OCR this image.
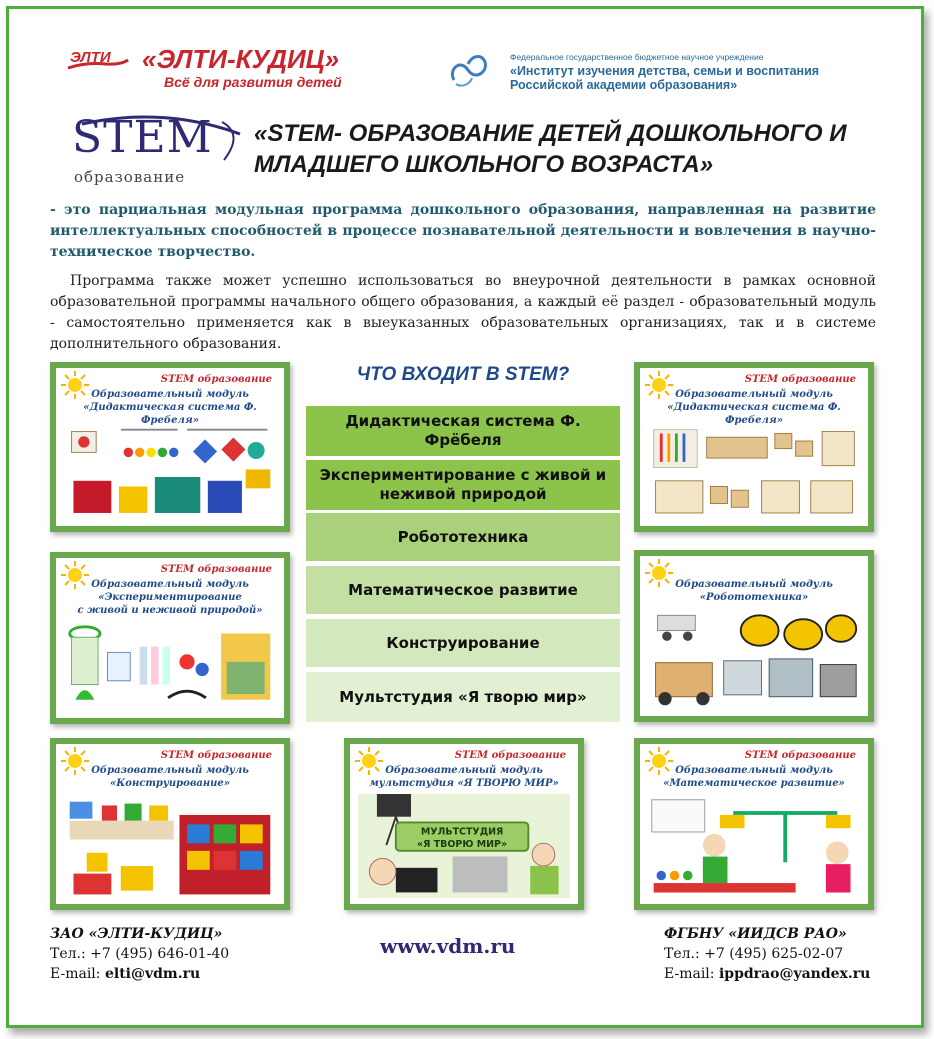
ЭЛТИ «ЭЛТИ-КУДИЦ»
Всё для развития детей
Федеральное государственное бюджетное научное учреждение
«Институт изучения детства, семьи и воспитания
Российской академии образования»
STEM
образование
«STEM- ОБРАЗОВАНИЕ ДЕТЕЙ ДОШКОЛЬНОГО И
МЛАДШЕГО ШКОЛЬНОГО ВОЗРАСТА»
- это парциальная модульная программа дошкольного образования, направленная на развитие интеллектуальных способностей в процессе познавательной деятельности и вовлечения в научно-техническое творчество.
Программа также может успешно использоваться во внеурочной деятельности в рамках основной образовательной программы начального общего образования, а каждый её раздел - образовательный модуль - самостоятельно применяется как в выеуказанных образовательных организациях, так и в системе дополнительного образования.
STEM образование
Образовательный модуль
«Дидактическая система Ф. Фребеля»
STEM образование
Образовательный модуль
«Дидактическая система Ф. Фребеля»
STEM образование
Образовательный модуль
«Экспериментирование
с живой и неживой природой»
Образовательный модуль
«Робототехника»
STEM образование
Образовательный модуль
«Конструирование»
STEM образование
Образовательный модуль
мультстудия «Я ТВОРЮ МИР»
МУЛЬТСТУДИЯ
«Я ТВОРЮ МИР»
STEM образование
Образовательный модуль
«Математическое развитие»
ЧТО ВХОДИТ В STEM?
Дидактическая система Ф. Фрёбеля
Экспериментирование с живой и неживой природой
Робототехника
Математическое развитие
Конструирование
Мультстудия «Я творю мир»
ЗАО «ЭЛТИ-КУДИЦ»
Тел.: +7 (495) 646-01-40
E-mail: elti@vdm.ru
www.vdm.ru	ФГБНУ «ИИДСВ РАО»
Тел.: +7 (495) 625-02-07
E-mail: ippdrao@yandex.ru
